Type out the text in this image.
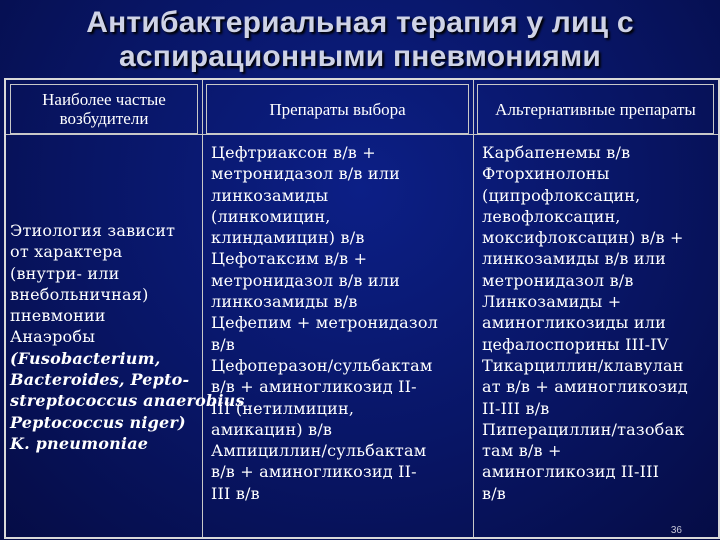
Антибактериальная терапия у лиц с
аспирационными пневмониями
Наиболее частые возбудители	Препараты выбора	Альтернативные препараты
Этиология зависит
от характера
(внутри- или
внебольничная)
пневмонии
Анаэробы
(Fusobacterium,
Bacteroides, Pepto-
streptococcus anaerobius
Peptococcus niger)
K. pneumoniae
Цефтриаксон в/в +
метронидазол в/в или
линкозамиды
(линкомицин,
клиндамицин) в/в
Цефотаксим в/в +
метронидазол в/в или
линкозамиды в/в
Цефепим + метронидазол
в/в
Цефоперазон/сульбактам
в/в + аминогликозид II-
III (нетилмицин,
амикацин) в/в
Ампициллин/сульбактам
в/в + аминогликозид II-
III в/в
Карбапенемы в/в
Фторхинолоны
(ципрофлоксацин,
левофлоксацин,
моксифлоксацин) в/в +
линкозамиды в/в или
метронидазол в/в
Линкозамиды +
аминогликозиды или
цефалоспорины III-IV
Тикарциллин/клавулан
ат в/в + аминогликозид
II-III в/в
Пиперациллин/тазобак
там в/в +
аминогликозид II-III
в/в
36
